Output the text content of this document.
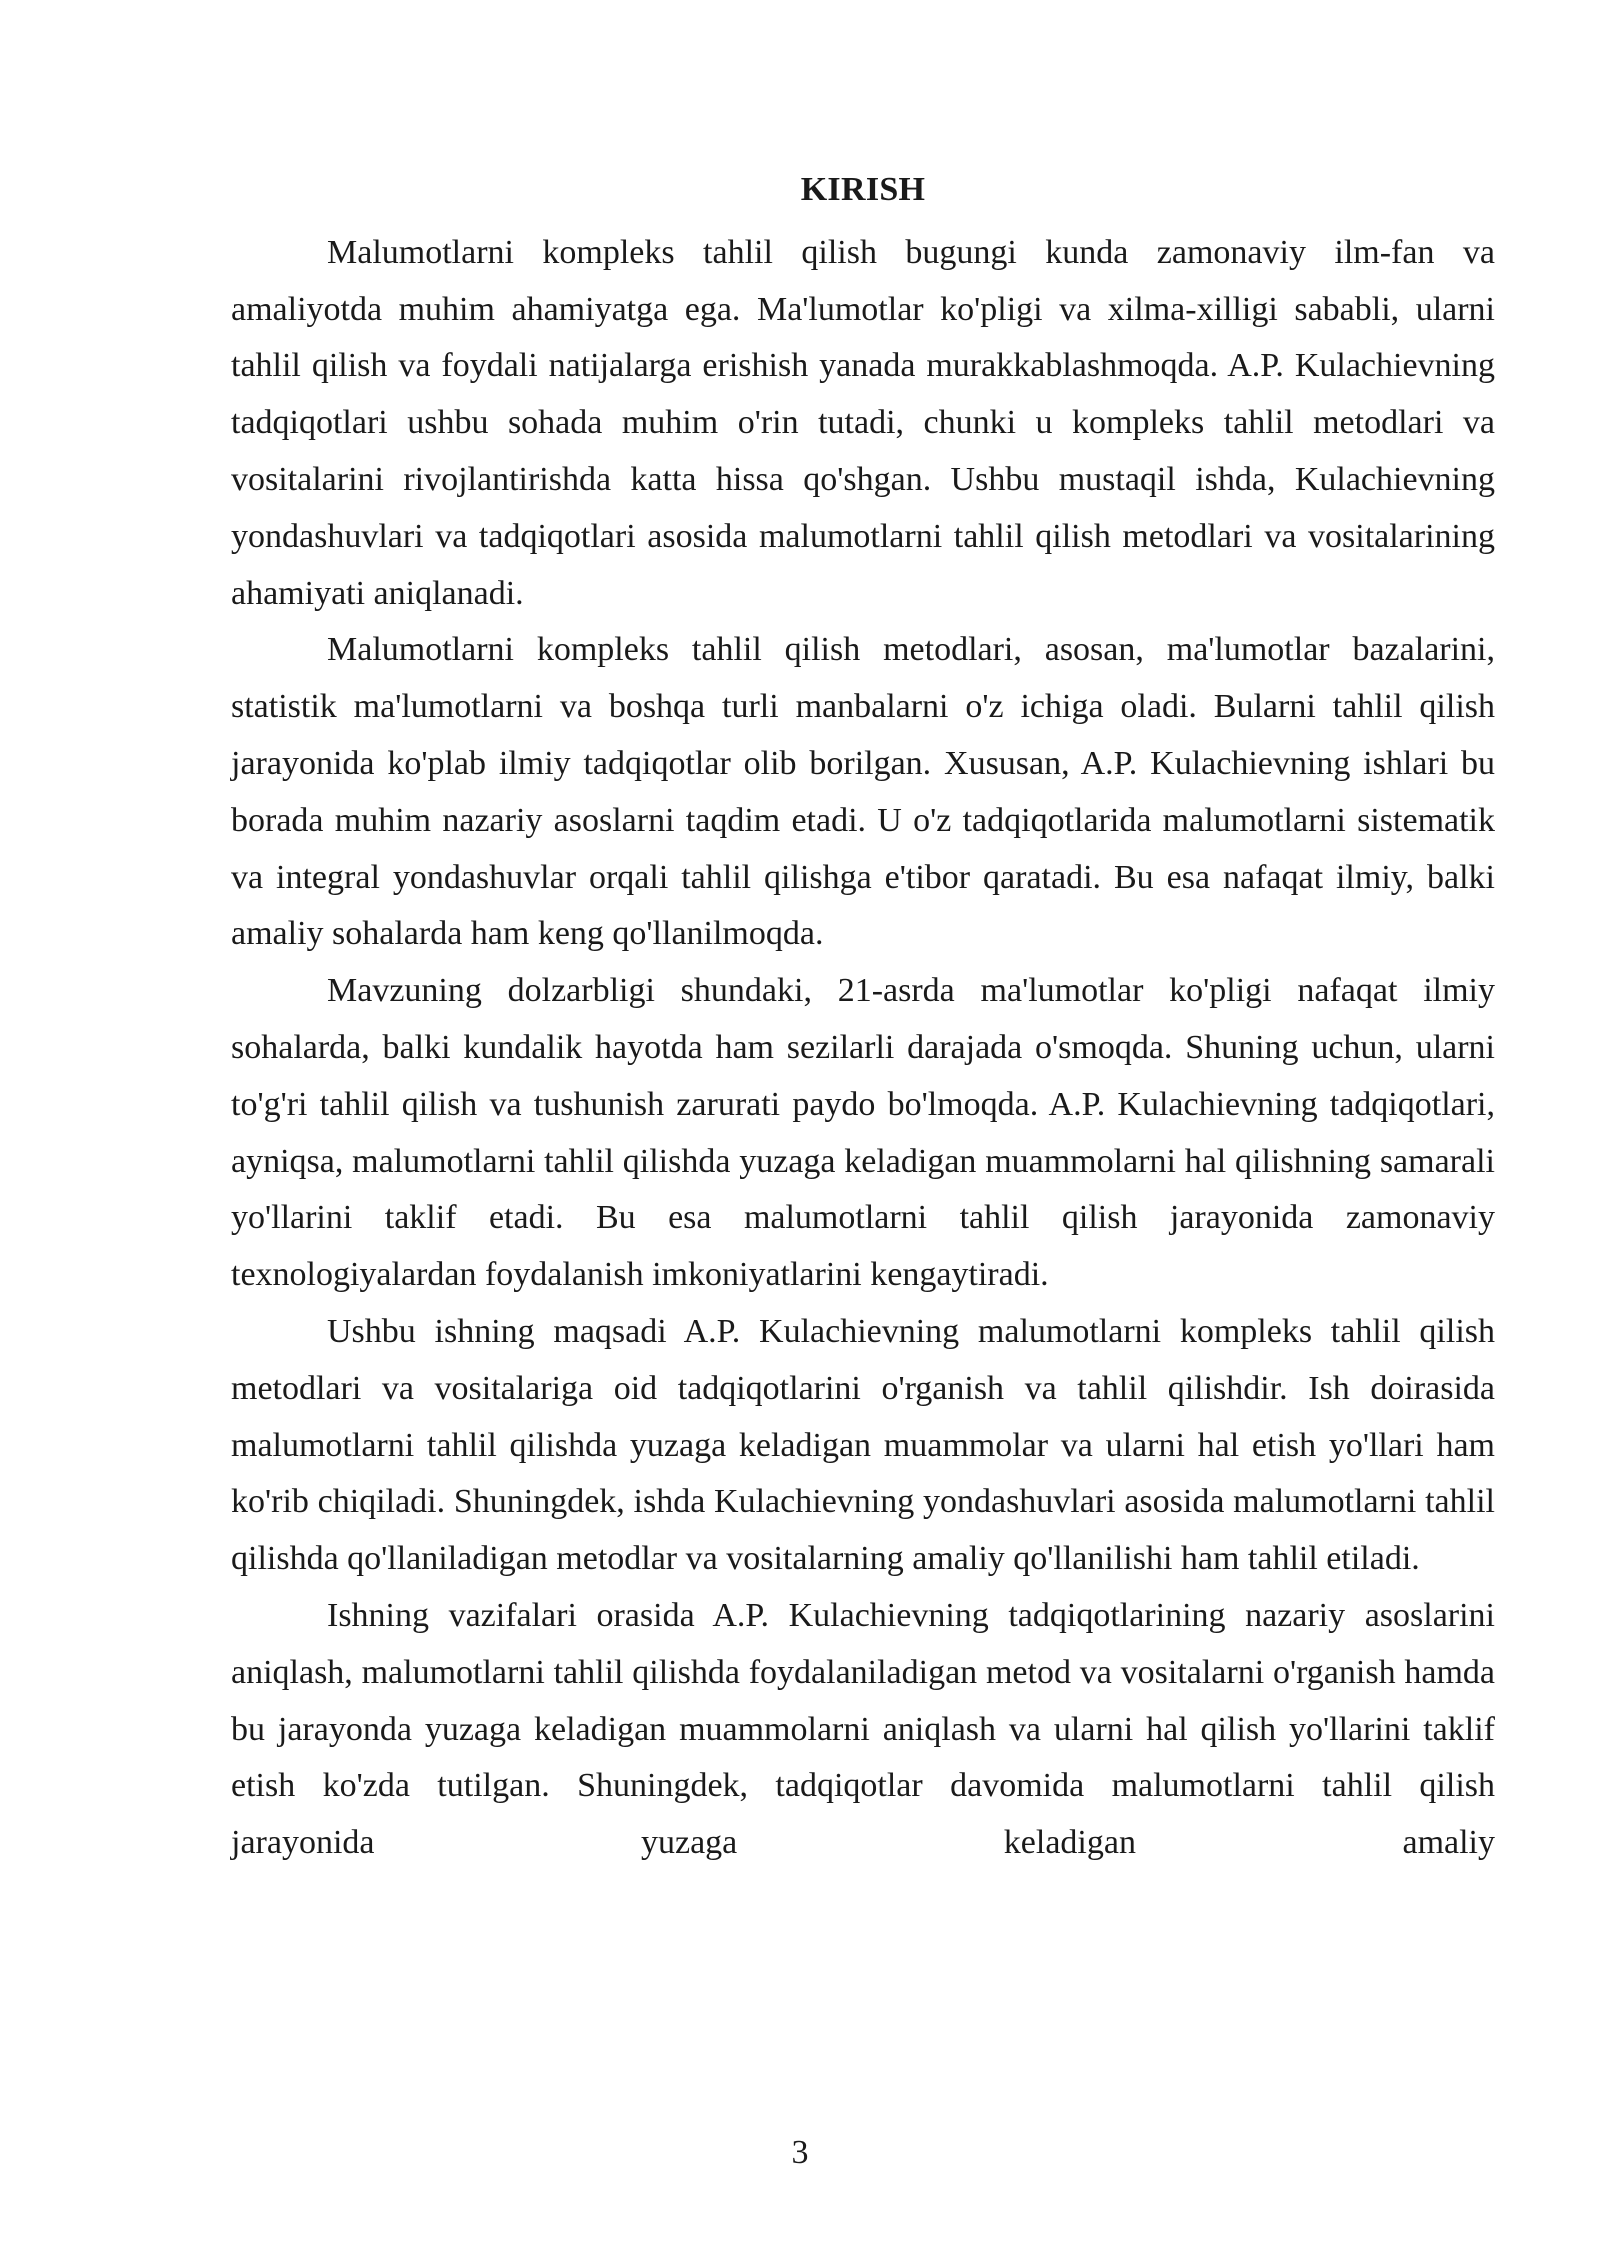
KIRISH

Malumotlarni kompleks tahlil qilish bugungi kunda zamonaviy ilm-fan va amaliyotda muhim ahamiyatga ega. Ma'lumotlar ko'pligi va xilma-xilligi sababli, ularni tahlil qilish va foydali natijalarga erishish yanada murakkablashmoqda. A.P. Kulachievning tadqiqotlari ushbu sohada muhim o'rin tutadi, chunki u kompleks tahlil metodlari va vositalarini rivojlantirishda katta hissa qo'shgan. Ushbu mustaqil ishda, Kulachievning yondashuvlari va tadqiqotlari asosida malumotlarni tahlil qilish metodlari va vositalarining ahamiyati aniqlanadi.

Malumotlarni kompleks tahlil qilish metodlari, asosan, ma'lumotlar bazalarini, statistik ma'lumotlarni va boshqa turli manbalarni o'z ichiga oladi. Bularni tahlil qilish jarayonida ko'plab ilmiy tadqiqotlar olib borilgan. Xususan, A.P. Kulachievning ishlari bu borada muhim nazariy asoslarni taqdim etadi. U o'z tadqiqotlarida malumotlarni sistematik va integral yondashuvlar orqali tahlil qilishga e'tibor qaratadi. Bu esa nafaqat ilmiy, balki amaliy sohalarda ham keng qo'llanilmoqda.

Mavzuning dolzarbligi shundaki, 21-asrda ma'lumotlar ko'pligi nafaqat ilmiy sohalarda, balki kundalik hayotda ham sezilarli darajada o'smoqda. Shuning uchun, ularni to'g'ri tahlil qilish va tushunish zarurati paydo bo'lmoqda. A.P. Kulachievning tadqiqotlari, ayniqsa, malumotlarni tahlil qilishda yuzaga keladigan muammolarni hal qilishning samarali yo'llarini taklif etadi. Bu esa malumotlarni tahlil qilish jarayonida zamonaviy texnologiyalardan foydalanish imkoniyatlarini kengaytiradi.

Ushbu ishning maqsadi A.P. Kulachievning malumotlarni kompleks tahlil qilish metodlari va vositalariga oid tadqiqotlarini o'rganish va tahlil qilishdir. Ish doirasida malumotlarni tahlil qilishda yuzaga keladigan muammolar va ularni hal etish yo'llari ham ko'rib chiqiladi. Shuningdek, ishda Kulachievning yondashuvlari asosida malumotlarni tahlil qilishda qo'llaniladigan metodlar va vositalarning amaliy qo'llanilishi ham tahlil etiladi.

Ishning vazifalari orasida A.P. Kulachievning tadqiqotlarining nazariy asoslarini aniqlash, malumotlarni tahlil qilishda foydalaniladigan metod va vositalarni o'rganish hamda bu jarayonda yuzaga keladigan muammolarni aniqlash va ularni hal qilish yo'llarini taklif etish ko'zda tutilgan. Shuningdek, tadqiqotlar davomida malumotlarni tahlil qilish jarayonida yuzaga keladigan amaliy

3
